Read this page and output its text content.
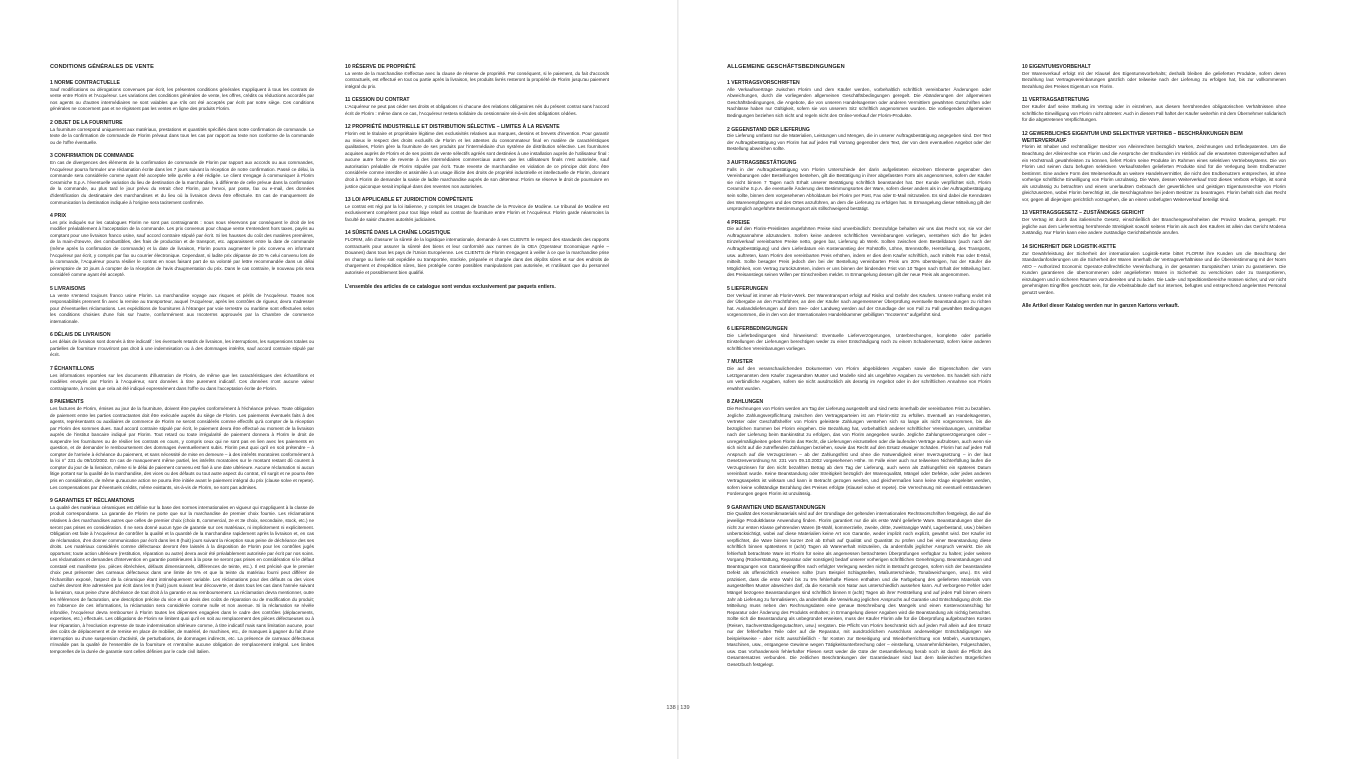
CONDITIONS GÉNÉRALES DE VENTE
1 NORME CONTRACTUELLE

Sauf modifications ou dérogations convenues par écrit, les présentes conditions générales s'appliquent à tous les contrats de vente entre Florim et l'Acquéreur. Les variations des conditions générales de vente, les offres, crédits ou réductions accordés par nos agents ou d'autres intermédiaires ne sont valables que s'ils ont été acceptés par écrit par notre siège. Ces conditions générales ne concernent pas et ne régissent pas les ventes en ligne des produits Florim.

2 OBJET DE LA FOURNITURE

La fourniture correspond uniquement aux matériaux, prestations et quantités spécifiés dans notre confirmation de commande. Le texte de la confirmation de commande de Florim prévaut dans tous les cas par rapport au texte non conforme de la commande ou de l'offre éventuelle.

3 CONFIRMATION DE COMMANDE

En cas de divergences des éléments de la confirmation de commande de Florim par rapport aux accords ou aux commandes, l'Acquéreur pourra formuler une réclamation écrite dans les 7 jours suivant la réception de notre confirmation. Passé ce délai, la commande sera considérée comme ayant été acceptée telle qu'elle a été rédigée. Le client s'engage à communiquer à Florim Ceramiche S.p.A. l'éventuelle variation du lieu de destination de la marchandise, à différente de celle prévue dans la confirmation de la commande, au plus tard le jour prévu du retrait chez Florim, par l'envoi, par poste, fax ou e-mail, des données d'identification du destinataire des marchandises et du lieu où la livraison devra être effectuée. En cas de manquement de communication la destination indiquée à l'origine sera tacitement confirmée.

4 PRIX

Les prix indiqués sur les catalogues Florim ne sont pas contraignants : nous nous réservons par conséquent le droit de les modifier préalablement à l'acceptation de la commande. Les prix convenus pour chaque vente s'entendent hors taxes, payés au comptant pour une livraison franco usine, sauf accord contraire stipulé par écrit. Si les hausses du coût des matières premières, de la main-d'œuvre, des combustibles, des frais de production et de transport, etc. apparaissent entre la date de commande (même après la confirmation de commande) et la date de livraison, Florim pourra augmenter le prix convenu en informant l'Acquéreur par écrit, y compris par fax ou courrier électronique. Cependant, si ladite prix dépasse de 20 % celui convenu lors de la commande, l'Acquéreur pourra résilier le contrat en nous faisant part de sa volonté par lettre recommandée dans un délai péremptoire de 10 jours à compter de la réception de l'avis d'augmentation du prix. Dans le cas contraire, le nouveau prix sera considéré comme ayant été accepté.

5 LIVRAISONS

La vente s'entend toujours franco usine Florim. La marchandise voyage aux risques et périls de l'Acquéreur. Toutes nos responsabilités prennent fin avec la remise au transporteur, auquel l'Acquéreur, après les contrôles de rigueur, devra s'adresser pour d'éventuelles réclamations. Les expéditions de fournitures à l'étranger par voie terrestre ou maritime sont effectuées selon les conditions choisies d'une fois sur l'autre, conformément aux Incoterms approuvés par la Chambre de commerce internationale.

6 DÉLAIS DE LIVRAISON

Les délais de livraison sont donnés à titre indicatif : les éventuels retards de livraison, les interruptions, les suspensions totales ou partielles de fourniture n'ouvriront pas droit à une indemnisation ou à des dommages intérêts, sauf accord contraire stipulé par écrit.

7 ÉCHANTILLONS

Les informations reportées sur les documents d'illustration de Florim, de même que les caractéristiques des échantillons et modèles envoyés par Florim à l'Acquéreur, sont données à titre purement indicatif. Ces données n'ont aucune valeur contraignante, à moins que cela ait été indiqué expressément dans l'offre ou dans l'acceptation écrite de Florim.

8 PAIEMENTS

Les factures de Florim, émises au jour de la fourniture, doivent être payées conformément à l'échéance prévue. Toute obligation de paiement entre les parties contractantes doit être exécutée auprès du siège de Florim. Les paiements éventuels faits à des agents, représentants ou auxiliaires de commerce de Florim ne seront considérés comme effectifs qu'à compter de la réception par Florim des sommes dues. Sauf accord contraire stipulé par écrit, le paiement devra être effectué au moment de la livraison auprès de l'institut bancaire indiqué par Florim. Tout retard ou toute irrégularité de paiement donnera à Florim le droit de suspendre les fournitures ou de résilier les contrats en cours, y compris ceux qui ne sont pas en lien avec les paiements en question, et de demander le remboursement des dommages éventuellement subis. Florim peut quoi qu'il en soit prétendre – à compter de l'arrivée à échéance du paiement, et sans nécessité de mise en demeure – à des intérêts moratoires conformément à la loi n° 231 du 09/10/2002. En cas de manquement même partiel, les intérêts moratoires sur le montant restant dû courent à compter du jour de la livraison, même si le délai de paiement convenu est fixé à une date ultérieure. Aucune réclamation ni aucun litige portant sur la qualité de la marchandise, des vices ou des défauts ou tout autre aspect du contrat, s'il surgit et ne pourra être pris en considération, de même qu'aucune action ne pourra être initiée avant le paiement intégral du prix (clause solve et repete). Les compensations par d'éventuels crédits, même existants, vis-à-vis de Florim, ne sont pas admises.

9 GARANTIES ET RÉCLAMATIONS

La qualité des matériaux céramiques est définie sur la base des normes internationales en vigueur qui s'appliquent à la classe de produit correspondante. La garantie de Florim ne porte que sur la marchandise de premier choix fournie. Les réclamations relatives à des marchandises autres que celles de premier choix (choix B, commercial, 2e et 3e choix, secondaire, stock, etc.) ne seront pas prises en considération. Il ne sera donné aucun type de garantie sur ces matériaux, ni implicitement ni explicitement. Obligation est faite à l'Acquéreur de contrôler la qualité et la quantité de la marchandise rapidement après la livraison et, en cas de réclamation, d'en donner communication par écrit dans les 8 (huit) jours suivant la réception sous peine de déchéance des ses droits. Les matériaux considérés comme défectueux devront être laissés à la disposition de Florim pour les contrôles jugés opportuns; toute action ultérieure (restitution, réparation ou autre) devra avoir été préalablement autorisée par écrit par nos soins. Les réclamations et demandes d'intervention en garantie postérieures à la pose ne seront pas prises en considération si le défaut constaté est manifeste (ex. pièces ébréchées, défauts dimensionnels, différences de teinte, etc.). Il est précisé que le premier choix peut présenter des carreaux défectueux dans une limite de 5% et que la teinte du matériau fourni peut différer de l'échantillon exposé, l'aspect de la céramique étant intrinsèquement variable. Les réclamations pour des défauts ou des vices cachés devront être adressées par écrit dans les 8 (huit) jours suivant leur découverte, et dans tous les cas dans l'année suivant la livraison, sous peine d'une déchéance de tout droit à la garantie et au remboursement. La réclamation devra mentionner, outre les références de facturation, une description précise du vice et un devis des coûts de réparation ou de modification du produit; en l'absence de ces informations, la réclamation sera considérée comme nulle et non avenue. Si la réclamation se révèle infondée, l'Acquéreur devra rembourser à Florim toutes les dépenses engagées dans le cadre des contrôles (déplacements, expertises, etc.) effectués. Les obligations de Florim se limitent quoi qu'il en soit au remplacement des pièces défectueuses ou à leur réparation, à l'exclusion expresse de toute indemnisation ultérieure comme, à titre indicatif mais sans limitation aucune, pour des coûts de déplacement et de remise en place de mobilier, de matériel, de machines, etc., de manques à gagner du fait d'une interruption ou d'une suspension d'activité, de perturbations, de dommages indirects, etc. La présence de carreaux défectueux n'invalide pas la qualité de l'ensemble de la fourniture et n'entraîne aucune obligation de remplacement intégral. Les limites temporelles de la durée de garantie sont celles définies par le code civil italien.

10 RÉSERVE DE PROPRIÉTÉ

La vente de la marchandise s'effectue avec la clause de réserve de propriété. Par conséquent, si le paiement, du fait d'accords contractuels, est effectué en tout ou partie après la livraison, les produits livrés resteront la propriété de Florim jusqu'au paiement intégral du prix.

11 CESSION DU CONTRAT

L'Acquéreur ne peut pas céder ses droits et obligations ni chacune des relations obligatoires nés du présent contrat sans l'accord écrit de Florim : même dans ce cas, l'Acquéreur restera solidaire du cessionnaire vis-à-vis des obligations cédées.

12 PROPRIÉTÉ INDUSTRIELLE ET DISTRIBUTION SÉLECTIVE – LIMITES À LA REVENTE

Florim est le titulaire et propriétaire légitime des exclusivités relatives aux marques, dessins et brevets d'invention. Pour garantir au mieux le respect des droits exclusifs de Florim et les attentes du consommateur final en matière de caractéristiques qualitatives, Florim gère la fourniture de ses produits par l'intermédiaire d'un système de distribution sélective. Les fournitures acquises auprès de Florim et de ses points de vente sélectifs agréés sont destinées à une installation auprès de l'utilisateur final : aucune autre forme de revente à des intermédiaires commerciaux autres que les utilisateurs finals n'est autorisée, sauf autorisation préalable de Florim stipulée par écrit. Toute revente de marchandise en violation de ce principe doit donc être considérée comme interdite et assimilée à un usage illicite des droits de propriété industrielle et intellectuelle de Florim, donnant droit à Florim de demander la saisie de ladite marchandise auprès de son détenteur. Florim se réserve le droit de poursuivre en justice quiconque serait impliqué dans des reventes non autorisées.

13 LOI APPLICABLE ET JURIDICTION COMPÉTENTE

Le contrat est régi par la loi italienne, y compris les Usages de branche de la Province de Modène. Le tribunal de Modène est exclusivement compétent pour tout litige relatif au contrat de fourniture entre Florim et l'Acquéreur. Florim garde néanmoins la faculté de saisir d'autres autorités judiciaires.

14 SÛRETÉ DANS LA CHAÎNE LOGISTIQUE

FLORIM, afin d'assurer la sûreté de la logistique internationale, demande à ses CLIENTS le respect des standards des rapports contractuels pour assurer la sûreté des biens et leur conformité aux normes de la OEA (Operateur Economique Agrée – Douanes) dans tous les pays de l'Union Européenne. Les CLIENTS de Florim s'engagent à veiller à ce que la marchandise prise en charge ou livrée soit expédiée ou transportée, stockée, préparée et chargée dans des dépôts sûres et sur des endroits de chargement et d'expédition sûres, bien protégée contre possibles manipulations pas autorisée, et n'utilisant que du personnel autorisée et possiblement bien qualifié.

L'ensemble des articles de ce catalogue sont vendus exclusivement par paquets entiers.
ALLGEMEINE GESCHÄFTSBEDINGUNGEN
1 VERTRAGSVORSCHRIFTEN

Alle Verkaufsverträge zwischen Florim und dem Käufer werden, vorbehaltlich schriftlich vereinbarter Änderungen oder Abweichungen, durch die vorliegenden allgemeinen Geschäftsbedingungen geregelt. Die Abänderungen der allgemeinen Geschäftsbedingungen, die Angebote, die von unseren Handelsagenten oder anderen Vermittlern gewährten Gutschriften oder Nachlässe haben nur Gültigkeit, sofern sie von unserem Sitz schriftlich angenommen wurden. Die vorliegenden allgemeinen Bedingungen beziehen sich nicht und regeln nicht den Online-Verkauf der Florim-Produkte.

2 GEGENSTAND DER LIEFERUNG

Die Lieferung umfasst nur die Materialien, Leistungen und Mengen, die in unserer Auftragsbestätigung angegeben sind. Der Text der Auftragsbestätigung von Florim hat auf jeden Fall Vorrang gegenüber dem Text, der von dem eventuellen Angebot oder der Bestellung abweichen sollte.

3 AUFTRAGSBESTÄTIGUNG

Falls in der Auftragsbestätigung von Florim Unterschiede der darin aufgelisteten einzelnen Elemente gegenüber den Vereinbarungen oder Bestellungen bestehen, gilt die Bestätigung in ihrer abgefassten Form als angenommen, sofern der Käufer sie nicht binnen 7 Tagen nach Erhalt unserer Bestätigung schriftlich beanstandet hat. Der Kunde verpflichtet sich, Florim Ceramiche S.p.A. die eventuelle Änderung des Bestimmungsortes der Ware, sofern dieser anders als in der Auftragsbestätigung sein sollte, binnen dem vorgesehenen Abholdatum bei Florim per Post, Fax oder E-Mail mitzuteilen. Es sind dabei die Kenndaten des Warenempfängers und des Ortes anzuführen, an dem die Lieferung zu erfolgen hat. In Ermangelung dieser Mitteilung gilt der ursprünglich angeführte Bestimmungsort als stillschweigend bestätigt.

4 PREISE

Die auf den Florim-Preislisten angeführten Preise sind unverbindlich: Demzufolge behalten wir uns das Recht vor, sie vor der Auftragsannahme abzuändern. Sofern keine anderen schriftlichen Vereinbarungen vorliegen, verstehen sich die für jeden Einzelverkauf vereinbarten Preise netto, gegen bar, Lieferung ab Werk. Sollten zwischen dem Bestelldatum (auch nach der Auftragsbestätigung) und dem Lieferdatum ein Kostenanstieg der Rohstoffe, Löhne, Brennstoffe, Herstellung, des Transports, usw. auftreten, kann Florim den vereinbarten Preis erhöhen, indem er dies dem Käufer schriftlich, auch mittels Fax oder E-Mail, mitteilt. Sollte besagter Preis jedoch den bei der Bestellung vereinbarten Preis um 20% übersteigen, hat der Käufer die Möglichkeit, vom Vertrag zurückzutreten, indem er uns binnen der bindenden Frist von 10 Tagen nach Erhalt der Mitteilung bez. des Preisanstiegs seinen Willen per Einschreiben meldet. In Ermangelung dessen gilt der neue Preis als angenommen.

5 LIEFERUNGEN

Der Verkauf ist immer ab Florim-Werk. Der Warentransport erfolgt auf Risiko und Gefahr des Käufers. Unsere Haftung endet mit der Übergabe an den Frachtführer, an den der Käufer nach angemessener Überprüfung eventuelle Beanstandungen zu richten hat. Auslandslieferungen auf dem See- oder Landweg werden auf der Grundlage der von Fall zu Fall gewählten Bedingungen vorgenommen, die in den von der Internationalen Handelskammer gebilligten "Incoterms" aufgeführt sind.

6 LIEFERBEDINGUNGEN

Die Lieferbedingungen sind hinweisend: Eventuelle Lieferverzögerungen, Unterbrechungen, komplette oder partielle Einstellungen der Lieferungen berechtigen weder zu einer Entschädigung noch zu einem Schadenersatz, sofern keine anderen schriftlichen Vereinbarungen vorliegen.

7 MUSTER

Die auf den veranschaulichenden Dokumenten von Florim abgebildeten Angaben sowie die Eigenschaften der vom Letztgenannten dem Käufer zugesandten Muster und Modelle sind als ungefähre Angaben zu verstehen. Es handelt sich nicht um verbindliche Angaben, sofern sie nicht ausdrücklich als derartig im Angebot oder in der schriftlichen Annahme von Florim erwähnt wurden.

8 ZAHLUNGEN

Die Rechnungen von Florim werden am Tag der Lieferung ausgestellt und sind netto innerhalb der vereinbarten Frist zu bezahlen. Jegliche Zahlungsverpflichtung zwischen den Vertragsparteien ist am Florim-Sitz zu erfüllen. Eventuell an Handelsagenten, Vertreter oder Geschäftshelfer von Florim geleistete Zahlungen verstehen sich so lange als nicht vorgenommen, bis die bezüglichen Summen bei Florim eingehen. Die Bezahlung hat, vorbehaltlich anderer schriftlicher Vereinbarungen, unmittelbar nach der Lieferung beim Bankinstitut zu erfolgen, das von Florim angegeben wurde. Jegliche Zahlungsverzögerungen oder – unregelmäßigkeiten geben Florim das Recht, die Lieferungen einzustellen oder die laufenden Verträge aufzulösen, auch wenn sie sich nicht auf die zutreffenden Zahlungen beziehen, sowie das Recht auf den Ersatz etwaiger Schäden. Florim hat auf jeden Fall Anspruch auf die Verzugszinsen – ab der Zahlungsfrist und ohne die Notwendigkeit einer Inverzugsetzung – in der laut Gesetzesverordnung Nr. 231 vom 09.10.2002 vorgesehenen Höhe. Im Falle einer auch nur teilweisen Nichterfüllung laufen die Verzugszinsen für den nicht bezahlten Betrag ab dem Tag der Lieferung, auch wenn als Zahlungsfrist ein späteres Datum vereinbart wurde. Keine Beanstandung oder Streitigkeit bezüglich der Warenqualität, Mängel oder Defekte, oder jedes anderen Vertragsaspekts ist wirksam und kann in Betracht gezogen werden, und gleichermaßen kann keine Klage eingeleitet werden, sofern keine vollständige Bezahlung des Preises erfolgte (Klausel solve et repete). Die Verrechnung mit eventuell entstandenen Forderungen gegen Florim ist unzulässig.

9 GARANTIEN UND BEANSTANDUNGEN

Die Qualität des Keramikmaterials wird auf der Grundlage der geltenden internationalen Rechtsvorschriften festgelegt, die auf die jeweilige Produktklasse Anwendung finden. Florim garantiert nur die als erste Wahl gelieferte Ware. Beanstandungen über die nicht zur ersten Klasse gehörenden Waren (B-Wahl, kommerzielle, zweite, dritte, zweitrangige Wahl, Lagerbestand, usw.) bleiben unberücksichtigt, wobei auf diese Materialien keine Art von Garantie, weder implizit noch explizit, gewährt wird. Der Käufer ist verpflichtet, die Ware binnen kurzer Zeit ab Erhalt auf Qualität und Quantität zu prüfen und bei einer Beanstandung diese schriftlich binnen spätestens 8 (acht) Tagen ab Warenerhalt mitzuteilen, da andernfalls jeglicher Anspruch verwirkt. Die als fehlerhaft betrachtete Ware ist Florim für seine als angemessen betrachteten Überprüfungen verfügbar zu halten; jeder weitere Vorgang (Rückerstattung, Reparatur oder sonstiges) bedarf unserer vorherigen schriftlichen Genehmigung. Beanstandungen und Beantragungen von Garantieeingriffen nach erfolgter Verlegung werden nicht in Betracht gezogen, sofern sich der beanstandete Defekt als offensichtlich erweisen sollte (zum Beispiel Schlagstellen, Maßunterschiede, Tonabweichungen, usw.). Es wird präzisiert, dass die erste Wahl bis zu 5% fehlerhafte Fliesen enthalten und die Farbgebung des gelieferten Materials vom ausgestellten Muster abweichen darf, da die Keramik von Natur aus unterschiedlich aussehen kann. Auf verborgene Fehler oder Mängel bezogene Beanstandungen sind schriftlich binnen 8 (acht) Tagen ab ihrer Feststellung und auf jeden Fall binnen einem Jahr ab Lieferung zu formalisieren, da andernfalls die Verwirkung jeglichen Anspruchs auf Garantie und Entschädigung droht. Die Mitteilung muss neben den Rechnungsdaten eine genaue Beschreibung des Mangels und einen Kostenvoranschlag für Reparatur oder Änderung des Produkts enthalten; in Ermangelung dieser Angaben wird die Beanstandung als nichtig betrachtet. Sollte sich die Beanstandung als unbegründet erweisen, muss der Käufer Florim alle für die Überprüfung aufgebrachten Kosten (Reisen, Sachverständigengutachten, usw.) vergüten. Die Pflicht von Florim beschränkt sich auf jeden Fall allein auf den Ersatz nur der fehlerhaften Teile oder auf die Reparatur, mit ausdrücklichem Ausschluss anderweitiger Entschädigungen wie beispielsweise - aber nicht ausschließlich - für Kosten zur Beseitigung und Wiederherrichtung von Möbeln, Ausrüstungen, Maschinen, usw., entgangene Gewinne wegen Tätigkeitsunterbrechung oder – einstellung, Unannehmlichkeiten, Folgeschäden, usw. Das Vorhandensein fehlerhafter Fliesen setzt weder die Güte der Gesamtlieferung herab noch ist damit die Pflicht des Gesamtersatzes verbunden. Die zeitlichen Beschränkungen der Garantiedauer sind laut dem italienischen Bürgerlichen Gesetzbuch festgelegt.

10 EIGENTUMSVORBEHALT

Der Warenverkauf erfolgt mit der Klausel des Eigentumsvorbehalts; deshalb bleiben die gelieferten Produkte, sofern deren Bezahlung laut Vertragsvereinbarungen gänzlich oder teilweise nach der Lieferung zu erfolgen hat, bis zur vollkommenen Bezahlung des Preises Eigentum von Florim.

11 VERTRAGSABTRETUNG

Der Käufer darf seine Stellung im Vertrag oder in einzelnen, aus diesem herrührenden obligatorischen Verhältnissen ohne schriftliche Einwilligung von Florim nicht abtreten: Auch in diesem Fall haftet der Käufer weiterhin mit dem Übernehmer solidarisch für die abgetretenen Verpflichtungen.

12 GEWERBLICHES EIGENTUM UND SELEKTIVER VERTRIEB – BESCHRÄNKUNGEN BEIM WEITERVERKAUF

Florim ist Inhaber und rechtmäßiger Besitzer von Alleinrechten bezüglich Marken, Zeichnungen und Erfindepatenten. Um die Beachtung der Alleinrechte von Florim und die Ansprüche der Endkunden im Hinblick auf die erwarteten Gütereigenschaften auf ein Höchstmaß gewährleisten zu können, liefert Florim seine Produkte im Rahmen eines selektiven Vertriebssystems. Die von Florim und seinen dazu befugten selektiven Verkaufsstellen gelieferten Produkte sind für die Verlegung beim Endbenutzer bestimmt. Eine andere Form des Weiterverkaufs an weitere Handelsvermittler, die nicht den Endbenutzern entsprechen, ist ohne vorherige schriftliche Einwilligung von Florim unzulässig. Die Ware, dessen Weiterverkauf trotz dieses Verbots erfolgte, ist somit als unzulässig zu betrachten und einem unerlaubten Gebrauch der gewerblichen und geistigen Eigentumsrechte von Florim gleichzusetzen, wobei Florim berechtigt ist, die Beschlagnahme bei jedem Besitzer zu beantragen. Florim behält sich das Recht vor, gegen all diejenigen gerichtlich vorzugehen, die an einem unbefugten Weiterverkauf beteiligt sind.

13 VERTRAGSGESETZ – ZUSTÄNDIGES GERICHT

Der Vertrag ist durch das italienische Gesetz, einschließlich der Branchengewohnheiten der Provinz Modena, geregelt. Für jegliche aus dem Liefervertrag herrührende Streitigkeit sowohl seitens Florim als auch des Käufers ist allein das Gericht Modena zuständig. Nur Florim kann eine andere zuständige Gerichtsbehörde anrufen.

14 SICHERHEIT DER LOGISTIK-KETTE

Zur Gewährleistung der Sicherheit der internationalen Logistik-Kette bittet FLORIM ihre Kunden um die Beachtung der Standardanforderungen um die Sicherheit der Waren innerhalb der Vertragsverhältnisse und die Übereinstimmung mit der Norm AEO – Authorized Economic Operator-Zollrechtliche Vereinfachung, in der gesamten Europäischen Union zu garantieren. Die Kunden garantieren die übernommenen oder angelieferten Waren in Sicherheit zu verschicken oder zu transportieren, einzulagern und in sicheren Räumen vorzubereiten und zu laden. Die Lade- und Speditionsbereiche müssen sicher, und vor nicht genehmigten Eingriffen geschützt sein, für die Arbeitsabläufe darf nur internes, befugtes und entsprechend angelerntes Personal genutzt werden.

Alle Artikel dieser Katalog werden nur in ganzen Kartons verkauft.
138 | 139
